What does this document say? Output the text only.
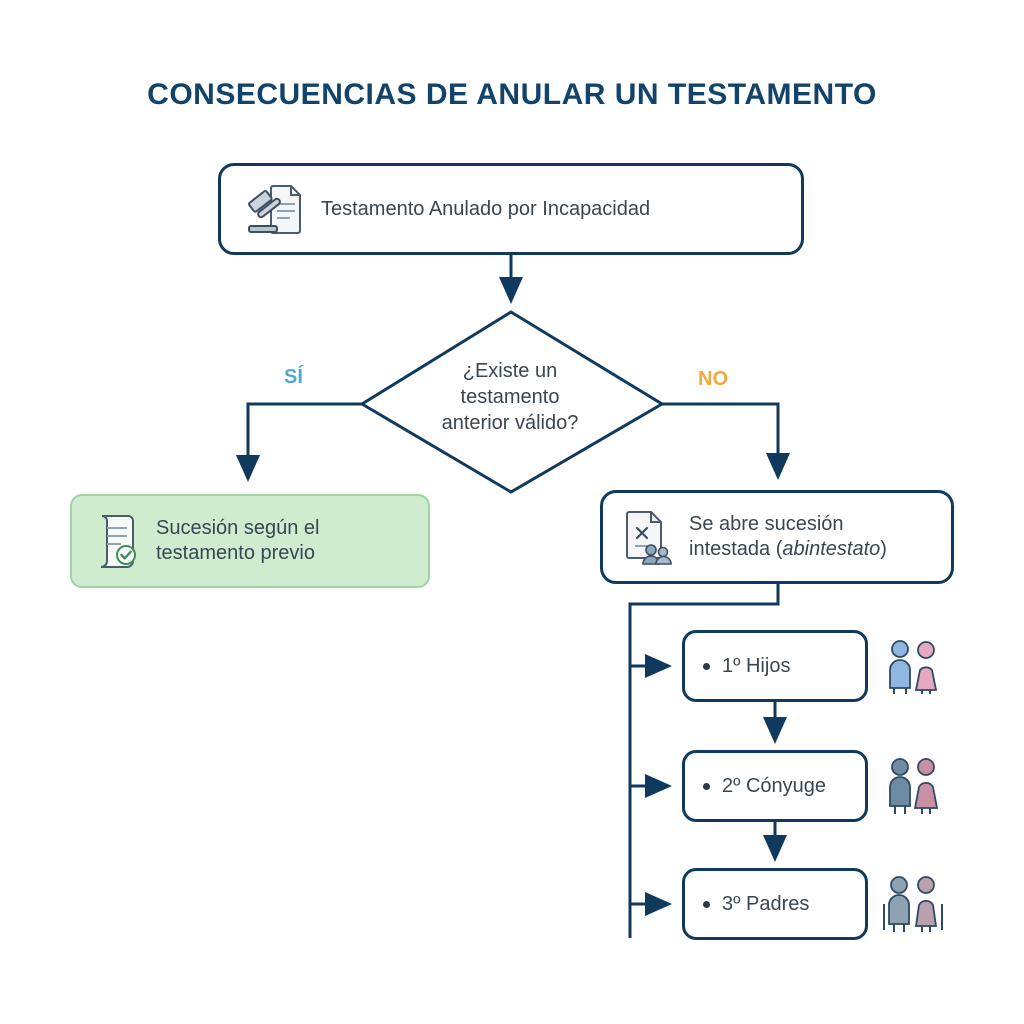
CONSECUENCIAS DE ANULAR UN TESTAMENTO
Testamento Anulado por Incapacidad
¿Existe un
testamento
anterior válido?
SÍ	NO
Sucesión según el testamento previo
Se abre sucesión
intestada (abintestato)
1º Hijos
2º Cónyuge
3º Padres
